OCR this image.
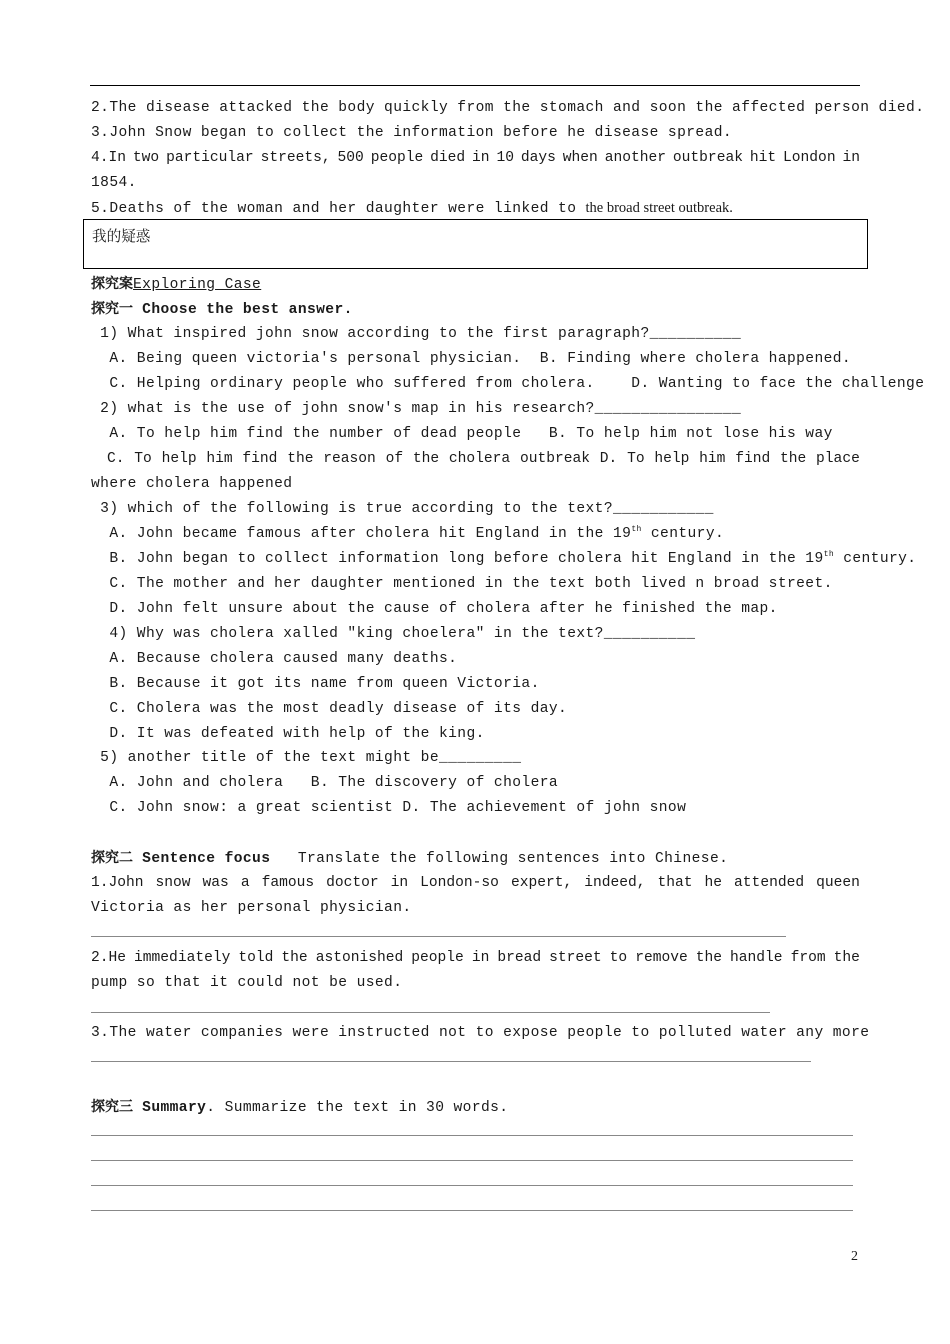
2.The disease attacked the body quickly from the stomach and soon the affected person died.
3.John Snow began to collect the information before he disease spread.
4.In two particular streets, 500 people died in 10 days when another outbreak hit London in
1854.
5.Deaths of the woman and her daughter were linked to the broad street outbreak.
我的疑惑
探究案Exploring Case
探究一 Choose the best answer.
1) What inspired john snow according to the first paragraph?__________
A. Being queen victoria's personal physician.  B. Finding where cholera happened.
C. Helping ordinary people who suffered from cholera.    D. Wanting to face the challenge
2) what is the use of john snow's map in his research?________________
A. To help him find the number of dead people   B. To help him not lose his way
C. To help him find the reason of the cholera outbreak D. To help him find the place
where cholera happened
3) which of the following is true according to the text?___________
A. John became famous after cholera hit England in the 19th century.
B. John began to collect information long before cholera hit England in the 19th century.
C. The mother and her daughter mentioned in the text both lived n broad street.
D. John felt unsure about the cause of cholera after he finished the map.
4) Why was cholera xalled "king choelera" in the text?__________
A. Because cholera caused many deaths.
B. Because it got its name from queen Victoria.
C. Cholera was the most deadly disease of its day.
D. It was defeated with help of the king.
5) another title of the text might be_________
A. John and cholera   B. The discovery of cholera
C. John snow: a great scientist D. The achievement of john snow
探究二 Sentence focus   Translate the following sentences into Chinese.
1.John snow was a famous doctor in London-so expert, indeed, that he attended queen
Victoria as her personal physician.
2.He immediately told the astonished people in bread street to remove the handle from the
pump so that it could not be used.
3.The water companies were instructed not to expose people to polluted water any more
探究三 Summary. Summarize the text in 30 words.
2
